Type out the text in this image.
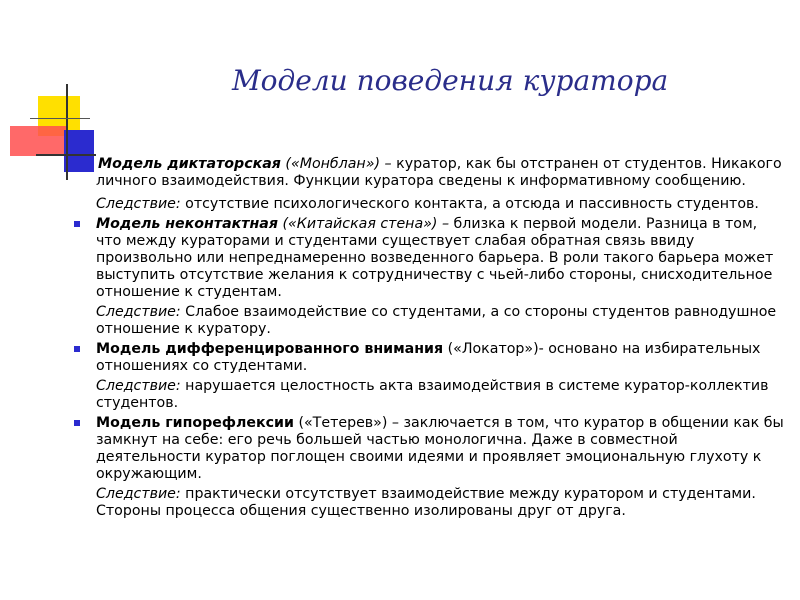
Модели поведения куратора

Модель диктаторская («Монблан») – куратор, как бы отстранен от студентов. Никакого личного взаимодействия. Функции куратора сведены к информативному сообщению.

Следствие: отсутствие психологического контакта, а отсюда и пассивность студентов.

Модель неконтактная («Китайская стена») – близка к первой модели. Разница в том, что между кураторами и студентами существует слабая обратная связь ввиду произвольно или непреднамеренно возведенного барьера. В роли такого барьера может выступить отсутствие желания к сотрудничеству с чьей-либо стороны, снисходительное отношение к студентам.

Следствие: Слабое взаимодействие со студентами, а со стороны студентов равнодушное отношение к куратору.

Модель дифференцированного внимания («Локатор»)- основано на избирательных отношениях со студентами.

Следствие: нарушается целостность акта взаимодействия в системе куратор-коллектив студентов.

Модель гипорефлексии («Тетерев») – заключается в том, что куратор в общении как бы замкнут на себе: его речь большей частью монологична. Даже в совместной деятельности куратор поглощен своими идеями и проявляет эмоциональную глухоту к окружающим.

Следствие: практически отсутствует взаимодействие между куратором и студентами. Стороны процесса общения существенно изолированы друг от друга.
